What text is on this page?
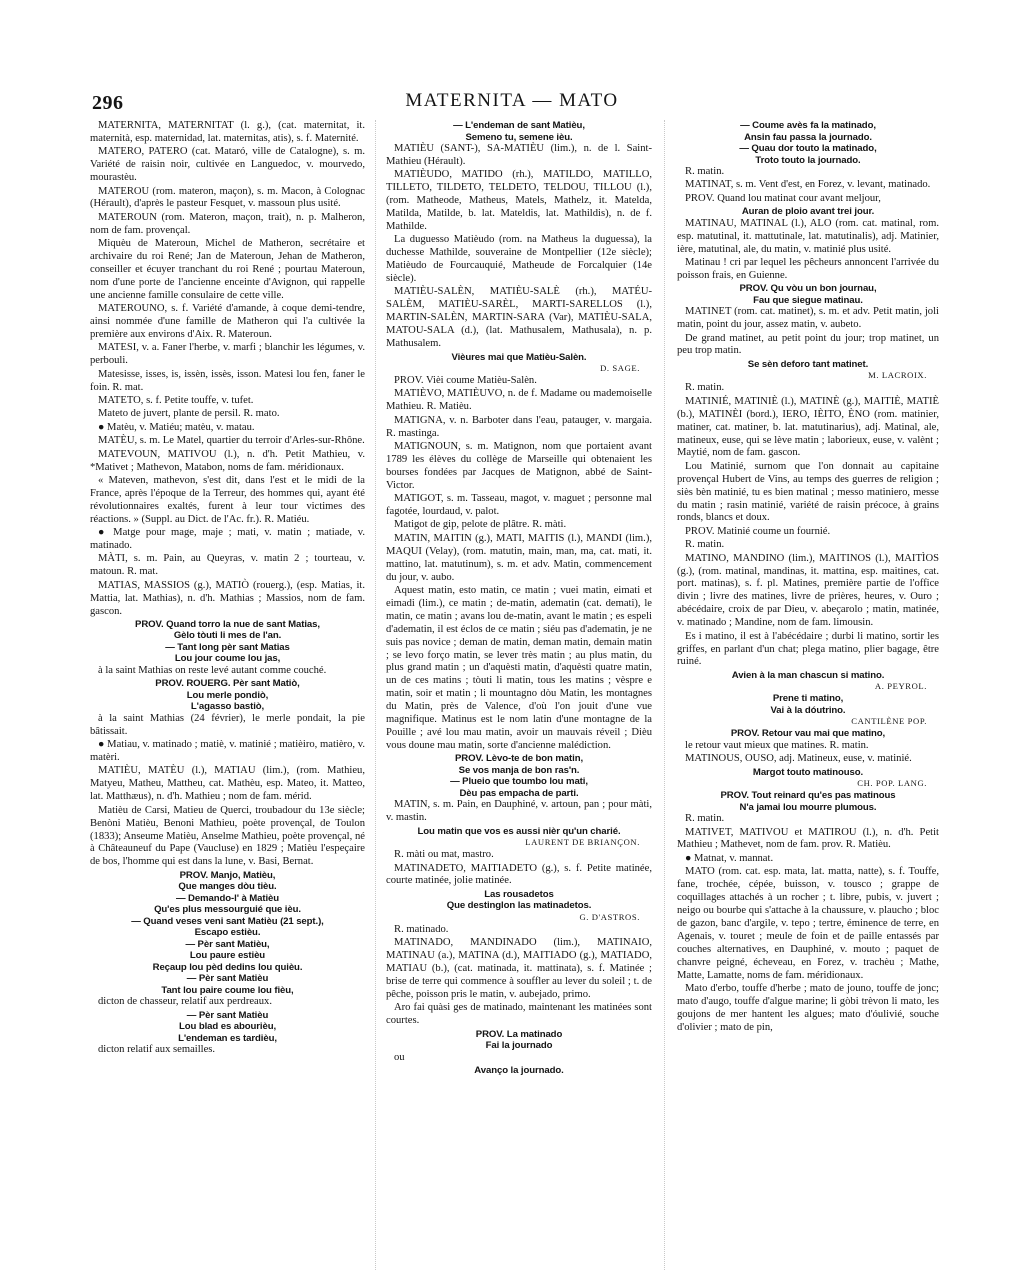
296	MATERNITA — MATO
MATERNITA, MATERNITAT (l. g.), (cat. maternitat, it. maternità, esp. maternidad, lat. maternitas, atis), s. f. Maternité.
MATERO, PATERO (cat. Mataró, ville de Catalogne), s. m. Variété de raisin noir, cultivée en Languedoc, v. mourvedo, mourastèu.
MATEROU (rom. materon, maçon), s. m. Macon, à Colognac (Hérault), d'après le pasteur Fesquet, v. massoun plus usité.
MATEROUN (rom. Materon, maçon, trait), n. p. Malheron, nom de fam. provençal.
Miquèu de Materoun, Michel de Matheron, secrétaire et archivaire du roi René; Jan de Materoun, Jehan de Matheron, conseiller et écuyer tranchant du roi René ; pourtau Materoun, nom d'une porte de l'ancienne enceinte d'Avignon, qui rappelle une ancienne famille consulaire de cette ville.
MATEROUNO, s. f. Variété d'amande, à coque demi-tendre, ainsi nommée d'une famille de Matheron qui l'a cultivée la première aux environs d'Aix. R. Materoun.
MATESI, v. a. Faner l'herbe, v. marfi ; blanchir les légumes, v. perbouli.
Matesisse, isses, is, issèn, issès, isson. Matesi lou fen, faner le foin. R. mat.
MATETO, s. f. Petite touffe, v. tufet.
Mateto de juvert, plante de persil. R. mato.
● Matèu, v. Matiéu; matèu, v. matau.
MATÈU, s. m. Le Matel, quartier du terroir d'Arles-sur-Rhône.
MATEVOUN, MATIVOU (l.), n. d'h. Petit Mathieu, v. *Mativet ; Mathevon, Matabon, noms de fam. méridionaux.
« Mateven, mathevon, s'est dit, dans l'est et le midi de la France, après l'époque de la Terreur, des hommes qui, ayant été révolutionnaires exaltés, furent à leur tour victimes des réactions. » (Suppl. au Dict. de l'Ac. fr.). R. Matiéu.
● Matge pour mage, maje ; mati, v. matin ; matiade, v. matinado.
MÀTI, s. m. Pain, au Queyras, v. matin 2 ; tourteau, v. matoun. R. mat.
MATIAS, MASSIOS (g.), MATIÒ (rouerg.), (esp. Matias, it. Mattia, lat. Mathias), n. d'h. Mathias ; Massios, nom de fam. gascon.
PROV. Quand torro la nue de sant Matias,
Gèlo tòuti li mes de l'an.
— Tant long pèr sant Matias
Lou jour coume lou jas,
à la saint Mathias on reste levé autant comme couché.
PROV. ROUERG. Pèr sant Matiò,
Lou merle pondiò,
L'agasso bastiò,
à la saint Mathias (24 février), le merle pondait, la pie bâtissait.
● Matiau, v. matinado ; matiè, v. matinié ; matièiro, matièro, v. matèri.
MATIÈU, MATÈU (l.), MATIAU (lim.), (rom. Mathieu, Matyeu, Matheu, Mattheu, cat. Mathèu, esp. Mateo, it. Matteo, lat. Matthæus), n. d'h. Mathieu ; nom de fam. mérid.
Matièu de Carsi, Matieu de Querci, troubadour du 13e siècle; Benòni Matièu, Benoni Mathieu, poète provençal, de Toulon (1833); Anseume Matièu, Anselme Mathieu, poète provençal, né à Châteauneuf du Pape (Vaucluse) en 1829 ; Matièu l'espeçaire de bos, l'homme qui est dans la lune, v. Basi, Bernat.
PROV. Manjo, Matièu,
Que manges dòu tièu.
— Demando-l' à Matièu
Qu'es plus messourguié que ièu.
— Quand veses veni sant Matièu (21 sept.),
Escapo estièu.
— Pèr sant Matièu,
Lou paure estièu
Reçaup lou pèd dedins lou quièu.
— Pèr sant Matièu
Tant lou paire coume lou fièu,
dicton de chasseur, relatif aux perdreaux.
— Pèr sant Matièu
Lou blad es abourièu,
L'endeman es tardièu,
dicton relatif aux semailles.
— L'endeman de sant Matièu,
Semeno tu, semene ièu.
MATIÈU (SANT-), SA-MATIÈU (lim.), n. de l. Saint-Mathieu (Hérault).
MATIÈUDO, MATIDO (rh.), MATILDO, MATILLO, TILLETO, TILDETO, TELDETO, TELDOU, TILLOU (l.), (rom. Matheode, Matheus, Matels, Mathelz, it. Matelda, Matilda, Matilde, b. lat. Mateldis, lat. Mathildis), n. de f. Mathilde.
La duguesso Matièudo (rom. na Matheus la duguessa), la duchesse Mathilde, souveraine de Montpellier (12e siècle); Matièudo de Fourcauquié, Matheude de Forcalquier (14e siècle).
MATIÈU-SALÈN, MATIÈU-SALÈ (rh.), MATÉU-SALÈM, MATIÈU-SARÈL, MARTI-SARELLOS (l.), MARTIN-SALÈN, MARTIN-SARA (Var), MATIÈU-SALA, MATOU-SALA (d.), (lat. Mathusalem, Mathusala), n. p. Mathusalem.
Vièures mai que Matièu-Salèn.
D. SAGE.
PROV. Vièi coume Matièu-Salèn.
MATIÈVO, MATIÈUVO, n. de f. Madame ou mademoiselle Mathieu. R. Matièu.
MATIGNA, v. n. Barboter dans l'eau, patauger, v. margaia. R. mastinga.
MATIGNOUN, s. m. Matignon, nom que portaient avant 1789 les élèves du collège de Marseille qui obtenaient les bourses fondées par Jacques de Matignon, abbé de Saint-Victor.
MATIGOT, s. m. Tasseau, magot, v. maguet ; personne mal fagotée, lourdaud, v. palot.
Matigot de gip, pelote de plâtre. R. màti.
MATIN, MAITIN (g.), MATI, MAITIS (l.), MANDI (lim.), MAQUI (Velay), (rom. matutin, main, man, ma, cat. mati, it. mattino, lat. matutinum), s. m. et adv. Matin, commencement du jour, v. aubo.
Aquest matin, esto matin, ce matin ; vuei matin, eimati et eimadi (lim.), ce matin ; de-matin, adematin (cat. demati), le matin, ce matin ; avans lou de-matin, avant le matin ; es espeli d'adematin, il est éclos de ce matin ; siéu pas d'adematin, je ne suis pas novice ; deman de matin, deman matin, demain matin ; se levo forço matin, se lever très matin ; au plus matin, du plus grand matin ; un d'aquèsti matin, d'aquèsti quatre matin, un de ces matins ; tòuti li matin, tous les matins ; vèspre e matin, soir et matin ; li mountagno dòu Matin, les montagnes du Matin, près de Valence, d'où l'on jouit d'une vue magnifique. Matinus est le nom latin d'une montagne de la Pouille ; avé lou mau matin, avoir un mauvais réveil ; Dièu vous doune mau matin, sorte d'ancienne malédiction.
PROV. Lèvo-te de bon matin,
Se vos manja de bon ras'n.
— Plueio que toumbo lou mati,
Dèu pas empacha de parti.
MATIN, s. m. Pain, en Dauphiné, v. artoun, pan ; pour màti, v. mastin.
Lou matin que vos es aussi nièr qu'un charié.
LAURENT DE BRIANÇON.
R. màti ou mat, mastro.
MATINADETO, MAITIADETO (g.), s. f. Petite matinée, courte matinée, jolie matinée.
Las rousadetos
Que destinglon las matinadetos.
G. D'ASTROS.
R. matinado.
MATINADO, MANDINADO (lim.), MATINAIO, MATINAU (a.), MATINA (d.), MAITIADO (g.), MATIADO, MATIAU (b.), (cat. matinada, it. mattinata), s. f. Matinée ; brise de terre qui commence à souffler au lever du soleil ; t. de pêche, poisson pris le matin, v. aubejado, primo.
Aro fai quàsi ges de matinado, maintenant les matinées sont courtes.
PROV. La matinado
Fai la journado
ou
Avanço la journado.
— Coume avès fa la matinado,
Ansin fau passa la journado.
— Quau dor touto la matinado,
Troto touto la journado.
R. matin.
MATINAT, s. m. Vent d'est, en Forez, v. levant, matinado.
PROV. Quand lou matinat cour avant meljour,
Auran de ploio avant trei jour.
MATINAU, MATINAL (l.), ALO (rom. cat. matinal, rom. esp. matutinal, it. mattutinale, lat. matutinalis), adj. Matinier, ière, matutinal, ale, du matin, v. matinié plus usité.
Matinau ! cri par lequel les pêcheurs annoncent l'arrivée du poisson frais, en Guienne.
PROV. Qu vòu un bon journau,
Fau que siegue matinau.
MATINET (rom. cat. matinet), s. m. et adv. Petit matin, joli matin, point du jour, assez matin, v. aubeto.
De grand matinet, au petit point du jour; trop matinet, un peu trop matin.
Se sèn deforo tant matinet.
M. LACROIX.
R. matin.
MATINIÉ, MATINIÈ (l.), MATINÈ (g.), MAITIÈ, MATIÈ (b.), MATINÈI (bord.), IERO, IÈITO, ÈNO (rom. matinier, matiner, cat. matiner, b. lat. matutinarius), adj. Matinal, ale, matineux, euse, qui se lève matin ; laborieux, euse, v. valènt ; Maytié, nom de fam. gascon.
Lou Matinié, surnom que l'on donnait au capitaine provençal Hubert de Vins, au temps des guerres de religion ; siès bèn matinié, tu es bien matinal ; messo matiniero, messe du matin ; rasin matinié, variété de raisin précoce, à grains ronds, blancs et doux.
PROV. Matinié coume un fournié.
R. matin.
MATINO, MANDINO (lim.), MAITINOS (l.), MAITÌOS (g.), (rom. matinal, mandinas, it. mattina, esp. maitines, cat. port. matinas), s. f. pl. Matines, première partie de l'office divin ; livre des matines, livre de prières, heures, v. Ouro ; abécédaire, croix de par Dieu, v. abeçarolo ; matin, matinée, v. matinado ; Mandine, nom de fam. limousin.
Es i matino, il est à l'abécédaire ; durbi li matino, sortir les griffes, en parlant d'un chat; plega matino, plier bagage, être ruiné.
Avien à la man chascun si matino.
A. PEYROL.
Prene ti matino,
Vai à la dóutrino.
CANTILÈNE POP.
PROV. Retour vau mai que matino,
le retour vaut mieux que matines. R. matin.
MATINOUS, OUSO, adj. Matineux, euse, v. matinié.
Margot touto matinouso.
CH. POP. LANG.
PROV. Tout reinard qu'es pas matinous
N'a jamai lou mourre plumous.
R. matin.
MATIVET, MATIVOU et MATIROU (l.), n. d'h. Petit Mathieu ; Mathevet, nom de fam. prov. R. Matièu.
● Matnat, v. mannat.
MATO (rom. cat. esp. mata, lat. matta, natte), s. f. Touffe, fane, trochée, cépée, buisson, v. tousco ; grappe de coquillages attachés à un rocher ; t. libre, pubis, v. juvert ; neigo ou bourbe qui s'attache à la chaussure, v. plaucho ; bloc de gazon, banc d'argile, v. tepo ; tertre, éminence de terre, en Agenais, v. touret ; meule de foin et de paille entassés par couches alternatives, en Dauphiné, v. mouto ; paquet de chanvre peigné, écheveau, en Forez, v. trachèu ; Mathe, Matte, Lamatte, noms de fam. méridionaux.
Mato d'erbo, touffe d'herbe ; mato de jouno, touffe de jonc; mato d'augo, touffe d'algue marine; li gòbi trèvon li mato, les goujons de mer hantent les algues; mato d'óulivié, souche d'olivier ; mato de pin,
